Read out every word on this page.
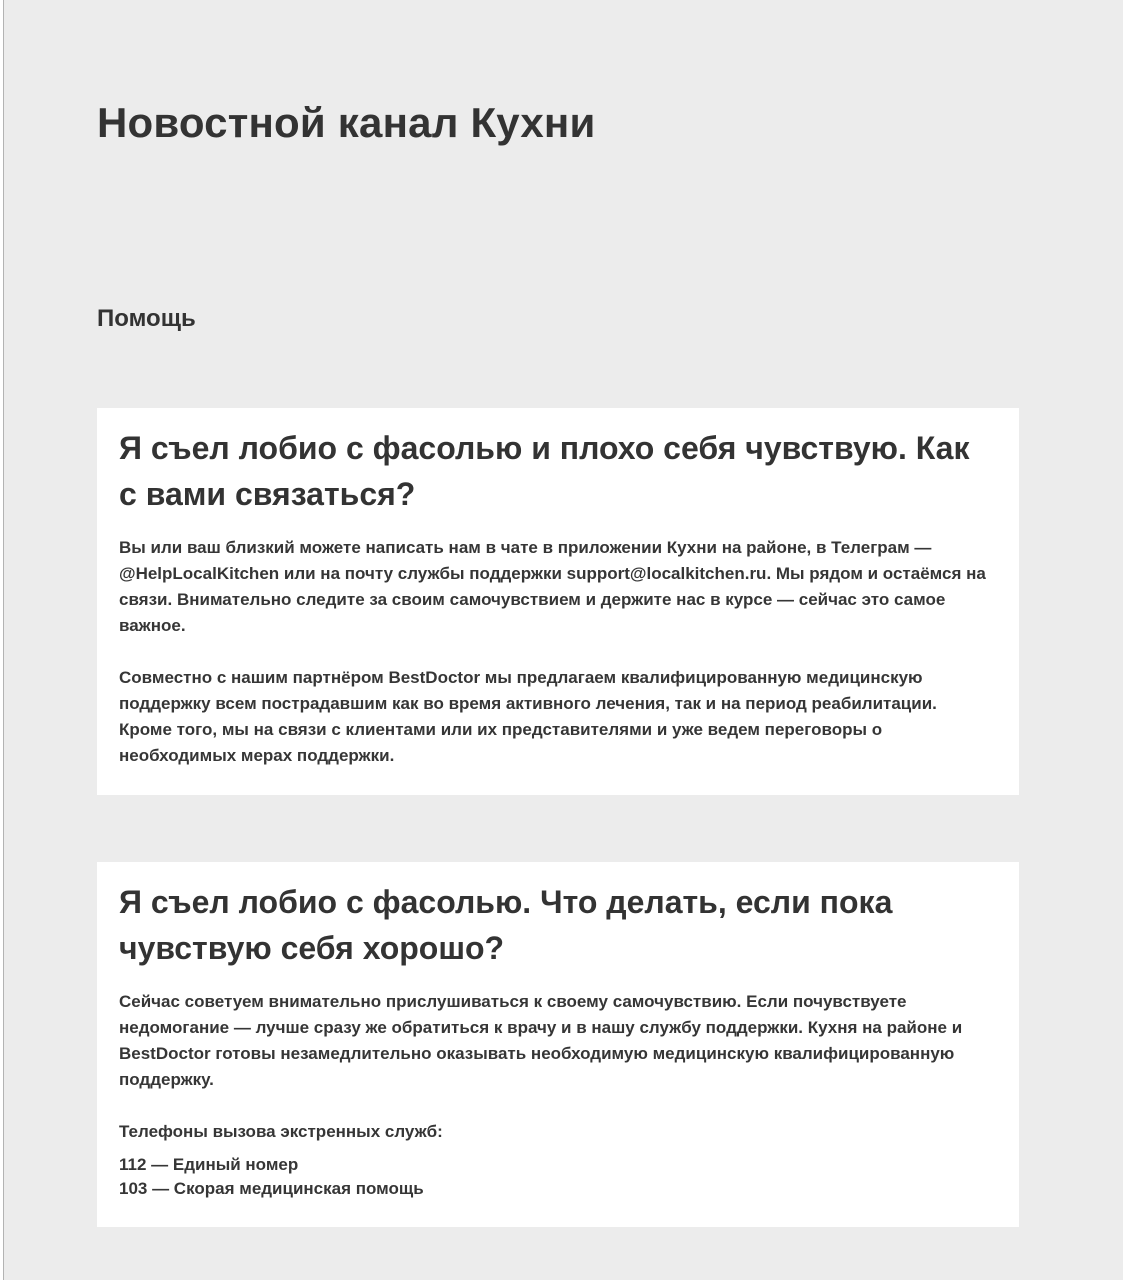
Новостной канал Кухни
Помощь
Я съел лобио с фасолью и плохо себя чувствую. Как с вами связаться?

Вы или ваш близкий можете написать нам в чате в приложении Кухни на районе, в Телеграм — @HelpLocalKitchen или на почту службы поддержки support@localkitchen.ru. Мы рядом и остаёмся на связи. Внимательно следите за своим самочувствием и держите нас в курсе — сейчас это самое важное.

Совместно с нашим партнёром BestDoctor мы предлагаем квалифицированную медицинскую поддержку всем пострадавшим как во время активного лечения, так и на период реабилитации. Кроме того, мы на связи с клиентами или их представителями и уже ведем переговоры о необходимых мерах поддержки.

Я съел лобио с фасолью. Что делать, если пока чувствую себя хорошо?

Сейчас советуем внимательно прислушиваться к своему самочувствию. Если почувствуете недомогание — лучше сразу же обратиться к врачу и в нашу службу поддержки. Кухня на районе и BestDoctor готовы незамедлительно оказывать необходимую медицинскую квалифицированную поддержку.

Телефоны вызова экстренных служб:

112 — Единый номер

103 — Скорая медицинская помощь
